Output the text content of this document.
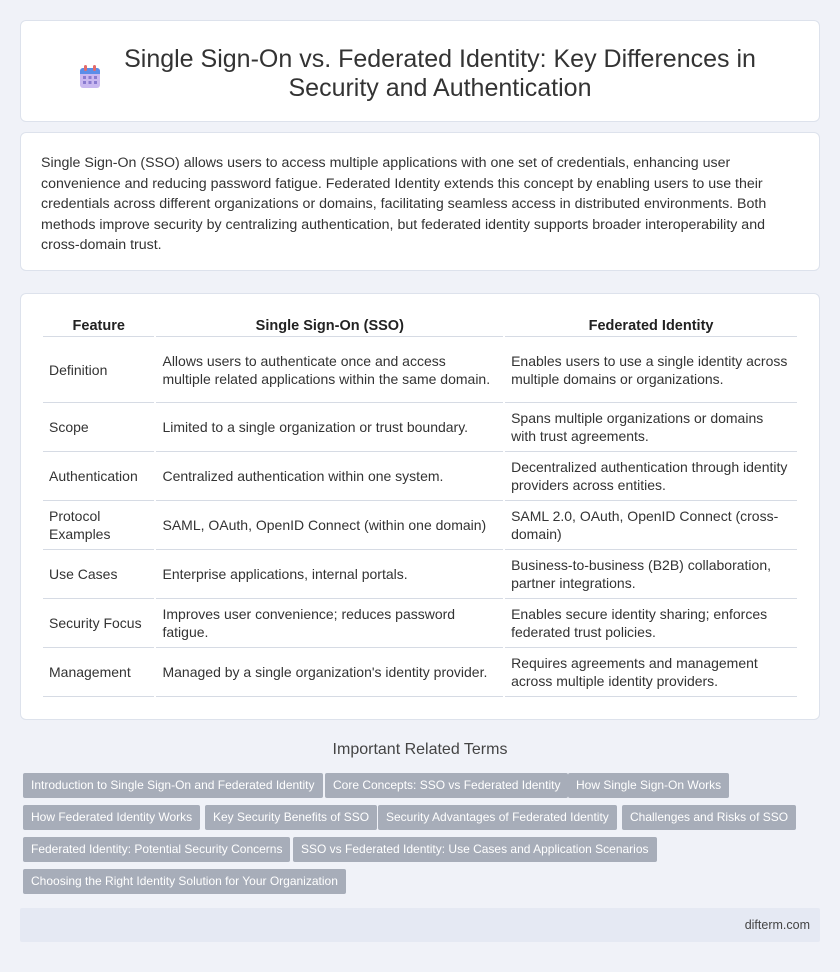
Single Sign-On vs. Federated Identity: Key Differences in Security and Authentication

Single Sign-On (SSO) allows users to access multiple applications with one set of credentials, enhancing user convenience and reducing password fatigue. Federated Identity extends this concept by enabling users to use their credentials across different organizations or domains, facilitating seamless access in distributed environments. Both methods improve security by centralizing authentication, but federated identity supports broader interoperability and cross-domain trust.

Feature	Single Sign-On (SSO)	Federated Identity
Definition	Allows users to authenticate once and access multiple related applications within the same domain.	Enables users to use a single identity across multiple domains or organizations.
Scope	Limited to a single organization or trust boundary.	Spans multiple organizations or domains with trust agreements.
Authentication	Centralized authentication within one system.	Decentralized authentication through identity providers across entities.
Protocol Examples	SAML, OAuth, OpenID Connect (within one domain)	SAML 2.0, OAuth, OpenID Connect (cross-domain)
Use Cases	Enterprise applications, internal portals.	Business-to-business (B2B) collaboration, partner integrations.
Security Focus	Improves user convenience; reduces password fatigue.	Enables secure identity sharing; enforces federated trust policies.
Management	Managed by a single organization's identity provider.	Requires agreements and management across multiple identity providers.
Important Related Terms
Introduction to Single Sign-On and Federated Identity	Core Concepts: SSO vs Federated Identity	How Single Sign-On Works
How Federated Identity Works	Key Security Benefits of SSO	Security Advantages of Federated Identity	Challenges and Risks of SSO
Federated Identity: Potential Security Concerns	SSO vs Federated Identity: Use Cases and Application Scenarios
Choosing the Right Identity Solution for Your Organization
difterm.com
